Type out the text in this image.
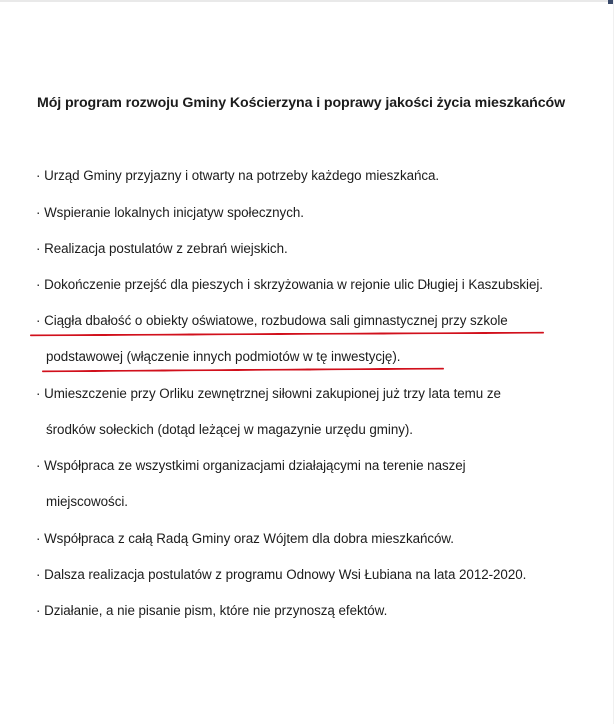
Mój program rozwoju Gminy Kościerzyna i poprawy jakości życia mieszkańców
· Urząd Gminy przyjazny i otwarty na potrzeby każdego mieszkańca.
· Wspieranie lokalnych inicjatyw społecznych.
· Realizacja postulatów z zebrań wiejskich.
· Dokończenie przejść dla pieszych i skrzyżowania w rejonie ulic Długiej i Kaszubskiej.
· Ciągła dbałość o obiekty oświatowe, rozbudowa sali gimnastycznej przy szkole
podstawowej (włączenie innych podmiotów w tę inwestycję).
· Umieszczenie przy Orliku zewnętrznej siłowni zakupionej już trzy lata temu ze
środków sołeckich (dotąd leżącej w magazynie urzędu gminy).
· Współpraca ze wszystkimi organizacjami działającymi na terenie naszej
miejscowości.
· Współpraca z całą Radą Gminy oraz Wójtem dla dobra mieszkańców.
· Dalsza realizacja postulatów z programu Odnowy Wsi Łubiana na lata 2012-2020.
· Działanie, a nie pisanie pism, które nie przynoszą efektów.
